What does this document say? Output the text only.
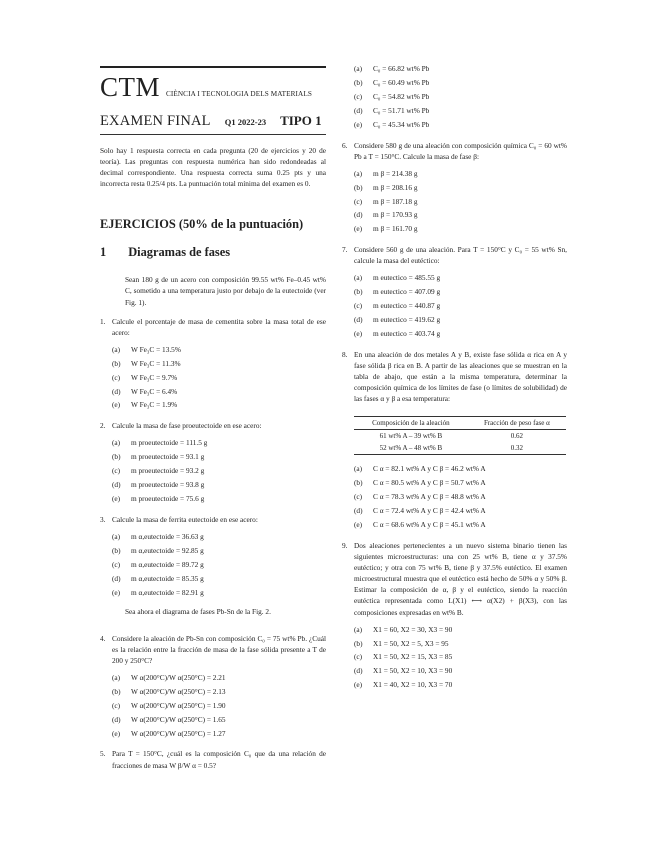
CTM CIÈNCIA I TECNOLOGIA DELS MATERIALS
EXAMEN FINAL Q1 2022-23 TIPO 1

Solo hay 1 respuesta correcta en cada pregunta (20 de ejercicios y 20 de teoría). Las preguntas con respuesta numérica han sido redondeadas al decimal correspondiente. Una respuesta correcta suma 0.25 pts y una incorrecta resta 0.25/4 pts. La puntuación total mínima del examen es 0.

EJERCICIOS (50% de la puntuación)
1 Diagramas de fases

Sean 180 g de un acero con composición 99.55 wt% Fe–0.45 wt% C, sometido a una temperatura justo por debajo de la eutectoide (ver Fig. 1).

1. Calcule el porcentaje de masa de cementita sobre la masa total de ese acero:
(a)	W Fe₃C = 13.5%
(b)	W Fe₃C = 11.3%
(c)	W Fe₃C = 9.7%
(d)	W Fe₃C = 6.4%
(e)	W Fe₃C = 1.9%
2. Calcule la masa de fase proeutectoide en ese acero:
(a)	m proeutectoide = 111.5 g
(b)	m proeutectoide = 93.1 g
(c)	m proeutectoide = 93.2 g
(d)	m proeutectoide = 93.8 g
(e)	m proeutectoide = 75.6 g
3. Calcule la masa de ferrita eutectoide en ese acero:
(a)	m α,eutectoide = 36.63 g
(b)	m α,eutectoide = 92.85 g
(c)	m α,eutectoide = 89.72 g
(d)	m α,eutectoide = 85.35 g
(e)	m α,eutectoide = 82.91 g

Sea ahora el diagrama de fases Pb-Sn de la Fig. 2.

4. Considere la aleación de Pb-Sn con composición C₀ = 75 wt% Pb. ¿Cuál es la relación entre la fracción de masa de la fase sólida presente a T de 200 y 250°C?
(a)	W α(200°C)/W α(250°C) = 2.21
(b)	W α(200°C)/W α(250°C) = 2.13
(c)	W α(200°C)/W α(250°C) = 1.90
(d)	W α(200°C)/W α(250°C) = 1.65
(e)	W α(200°C)/W α(250°C) = 1.27
5. Para T = 150°C, ¿cuál es la composición C₀ que da una relación de fracciones de masa W β/W α = 0.5?
(a)	C₀ = 66.82 wt% Pb
(b)	C₀ = 60.49 wt% Pb
(c)	C₀ = 54.82 wt% Pb
(d)	C₀ = 51.71 wt% Pb
(e)	C₀ = 45.34 wt% Pb
6. Considere 580 g de una aleación con composición química C₀ = 60 wt% Pb a T = 150°C. Calcule la masa de fase β:
(a)	m β = 214.38 g
(b)	m β = 208.16 g
(c)	m β = 187.18 g
(d)	m β = 170.93 g
(e)	m β = 161.70 g
7. Considere 560 g de una aleación. Para T = 150°C y C₀ = 55 wt% Sn, calcule la masa del eutéctico:
(a)	m eutectico = 485.55 g
(b)	m eutectico = 407.09 g
(c)	m eutectico = 440.87 g
(d)	m eutectico = 419.62 g
(e)	m eutectico = 403.74 g
8. En una aleación de dos metales A y B, existe fase sólida α rica en A y fase sólida β rica en B. A partir de las aleaciones que se muestran en la tabla de abajo, que están a la misma temperatura, determinar la composición química de los límites de fase (o límites de solubilidad) de las fases α y β a esa temperatura:
Composición de la aleación	Fracción de peso fase α
61 wt% A – 39 wt% B	0.62
52 wt% A – 48 wt% B	0.32
(a)	C α = 82.1 wt% A y C β = 46.2 wt% A
(b)	C α = 80.5 wt% A y C β = 50.7 wt% A
(c)	C α = 78.3 wt% A y C β = 48.8 wt% A
(d)	C α = 72.4 wt% A y C β = 42.4 wt% A
(e)	C α = 68.6 wt% A y C β = 45.1 wt% A
9. Dos aleaciones pertenecientes a un nuevo sistema binario tienen las siguientes microestructuras: una con 25 wt% B, tiene α y 37.5% eutéctico; y otra con 75 wt% B, tiene β y 37.5% eutéctico. El examen microestructural muestra que el eutéctico está hecho de 50% α y 50% β. Estimar la composición de α, β y el eutéctico, siendo la reacción eutéctica representada como L(X1) ⟷ α(X2) + β(X3), con las composiciones expresadas en wt% B.
(a)	X1 = 60, X2 = 30, X3 = 90
(b)	X1 = 50, X2 = 5, X3 = 95
(c)	X1 = 50, X2 = 15, X3 = 85
(d)	X1 = 50, X2 = 10, X3 = 90
(e)	X1 = 40, X2 = 10, X3 = 70
